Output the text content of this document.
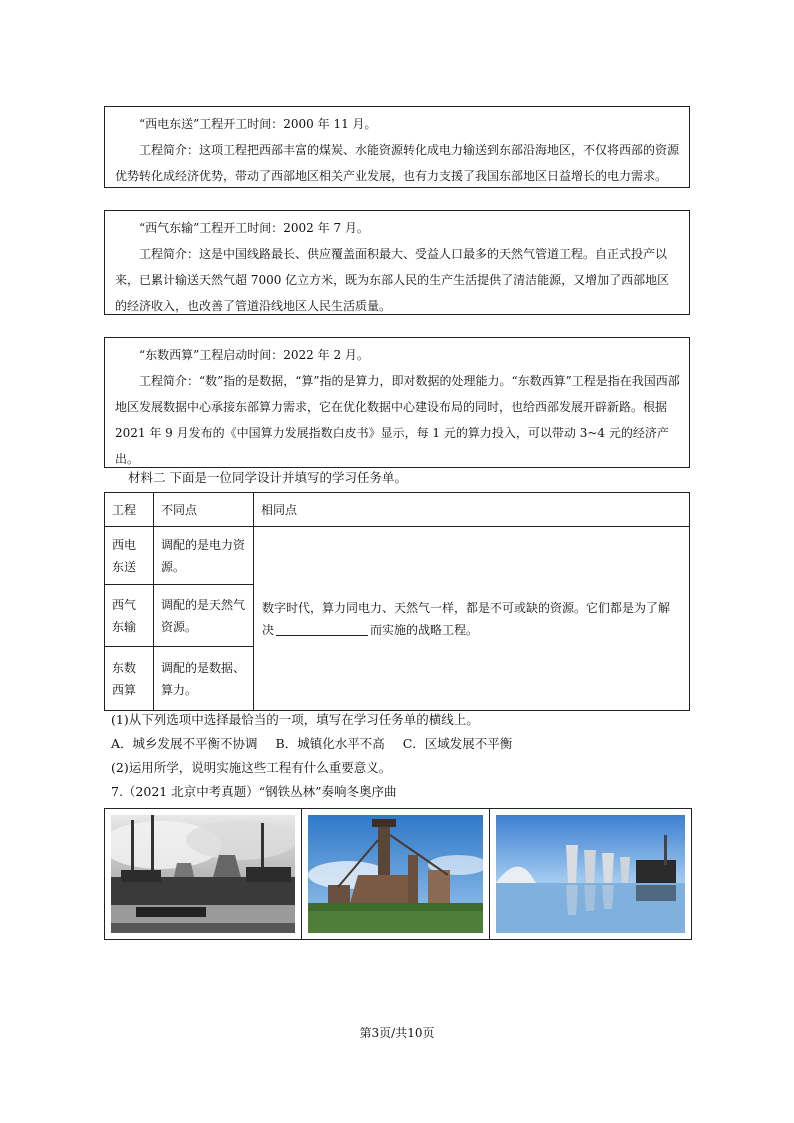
“西电东送”工程开工时间：2000 年 11 月。

工程简介：这项工程把西部丰富的煤炭、水能资源转化成电力输送到东部沿海地区，不仅将西部的资源优势转化成经济优势，带动了西部地区相关产业发展，也有力支援了我国东部地区日益增长的电力需求。

“西气东输”工程开工时间：2002 年 7 月。

工程简介：这是中国线路最长、供应覆盖面积最大、受益人口最多的天然气管道工程。自正式投产以来，已累计输送天然气超 7000 亿立方米，既为东部人民的生产生活提供了清洁能源，又增加了西部地区的经济收入，也改善了管道沿线地区人民生活质量。

“东数西算”工程启动时间：2022 年 2 月。

工程简介：“数”指的是数据，“算”指的是算力，即对数据的处理能力。“东数西算”工程是指在我国西部地区发展数据中心承接东部算力需求，它在优化数据中心建设布局的同时，也给西部发展开辟新路。根据 2021 年 9 月发布的《中国算力发展指数白皮书》显示，每 1 元的算力投入，可以带动 3~4 元的经济产出。

材料二 下面是一位同学设计并填写的学习任务单。
工程	不同点	相同点
西电东送	调配的是电力资源。	数字时代，算力同电力、天然气一样，都是不可或缺的资源。它们都是为了解决 而实施的战略工程。
西气东输	调配的是天然气资源。	
东数西算	调配的是数据、算力。	
(1)从下列选项中选择最恰当的一项，填写在学习任务单的横线上。
A．城乡发展不平衡不协调 B．城镇化水平不高 C．区域发展不平衡
(2)运用所学，说明实施这些工程有什么重要意义。
7.（2021 北京中考真题）“钢铁丛林”奏响冬奥序曲
第3页/共10页
